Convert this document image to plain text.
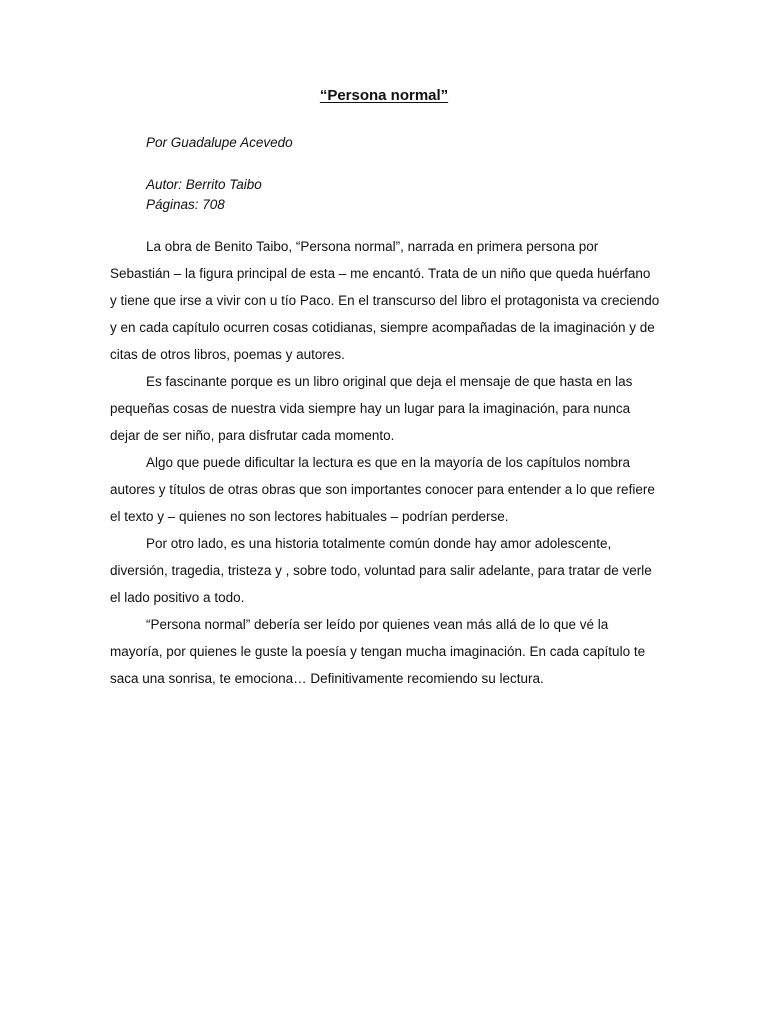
“Persona normal”
Por Guadalupe Acevedo
Autor: Berrito Taibo
Páginas: 708

La obra de Benito Taibo, “Persona normal”, narrada en primera persona por Sebastián – la figura principal de esta – me encantó. Trata de un niño que queda huérfano y tiene que irse a vivir con u tío Paco. En el transcurso del libro el protagonista va creciendo y en cada capítulo ocurren cosas cotidianas, siempre acompañadas de la imaginación y de citas de otros libros, poemas y autores.

Es fascinante porque es un libro original que deja el mensaje de que hasta en las pequeñas cosas de nuestra vida siempre hay un lugar para la imaginación, para nunca dejar de ser niño, para disfrutar cada momento.

Algo que puede dificultar la lectura es que en la mayoría de los capítulos nombra autores y títulos de otras obras que son importantes conocer para entender a lo que refiere el texto y – quienes no son lectores habituales – podrían perderse.

Por otro lado, es una historia totalmente común donde hay amor adolescente, diversión, tragedia, tristeza y , sobre todo, voluntad para salir adelante, para tratar de verle el lado positivo a todo.

“Persona normal” debería ser leído por quienes vean más allá de lo que vé la mayoría, por quienes le guste la poesía y tengan mucha imaginación. En cada capítulo te saca una sonrisa, te emociona… Definitivamente recomiendo su lectura.
